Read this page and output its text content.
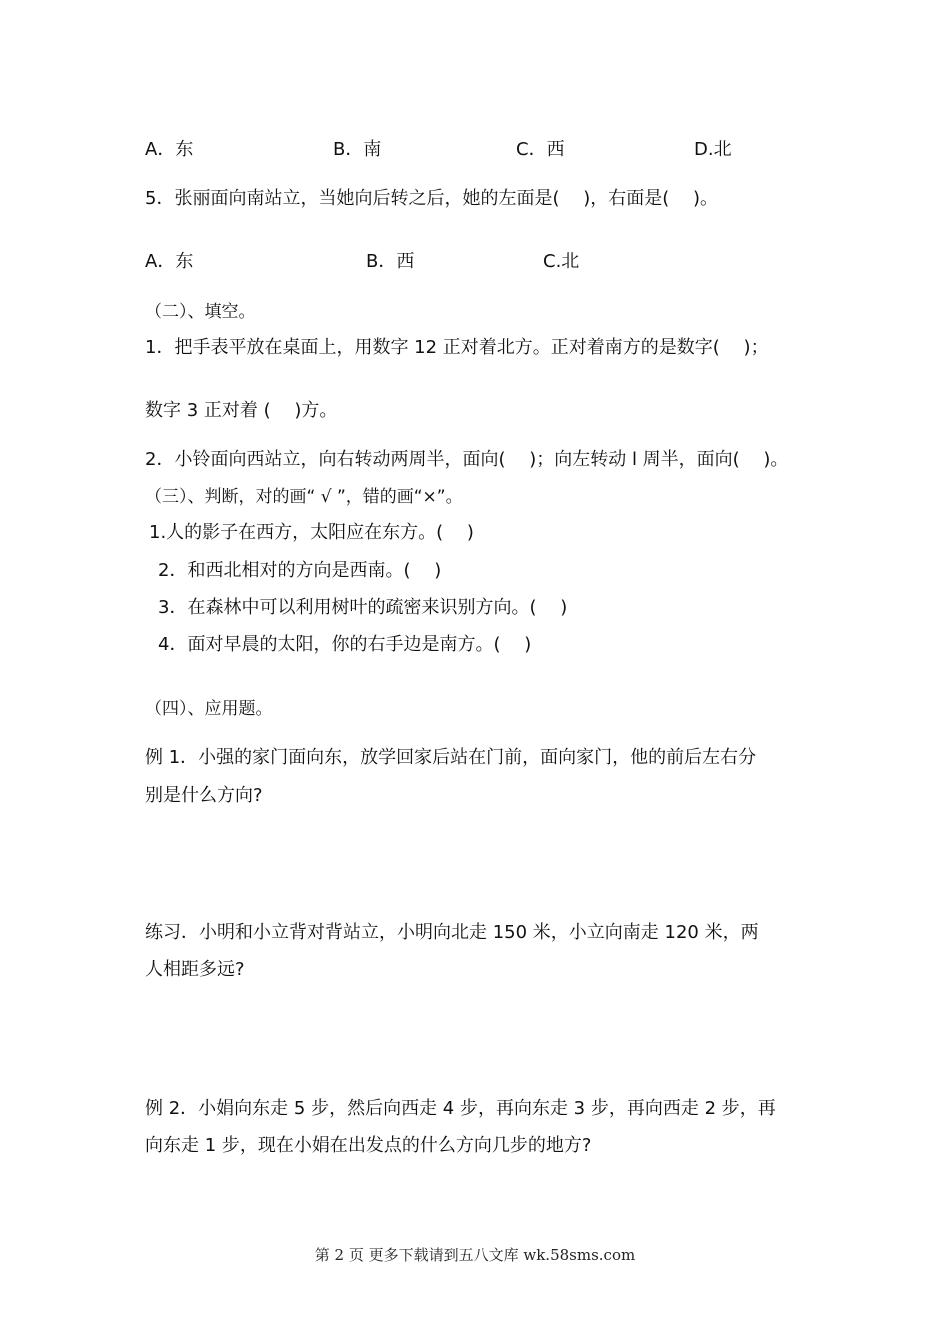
A．东	B．南	C．西	D.北
5．张丽面向南站立，当她向后转之后，她的左面是(　 )，右面是(　 )。
A．东	B．西	C.北
（二）、填空。
1．把手表平放在桌面上，用数字 12 正对着北方。正对着南方的是数字(　 )；
数字 3 正对着 (　 )方。
2．小铃面向西站立，向右转动两周半，面向(　 )；向左转动 l 周半，面向(　 )。
（三）、判断，对的画“ √ ”，错的画“×”。
1.人的影子在西方，太阳应在东方。(　 )
2．和西北相对的方向是西南。(　 )
3．在森林中可以利用树叶的疏密来识别方向。(　 )
4．面对早晨的太阳，你的右手边是南方。(　 )
（四）、应用题。
例 1．小强的家门面向东，放学回家后站在门前，面向家门，他的前后左右分
别是什么方向?
练习．小明和小立背对背站立，小明向北走 150 米，小立向南走 120 米，两
人相距多远?
例 2．小娟向东走 5 步，然后向西走 4 步，再向东走 3 步，再向西走 2 步，再
向东走 1 步，现在小娟在出发点的什么方向几步的地方?
第 2 页 更多下载请到五八文库 wk.58sms.com
